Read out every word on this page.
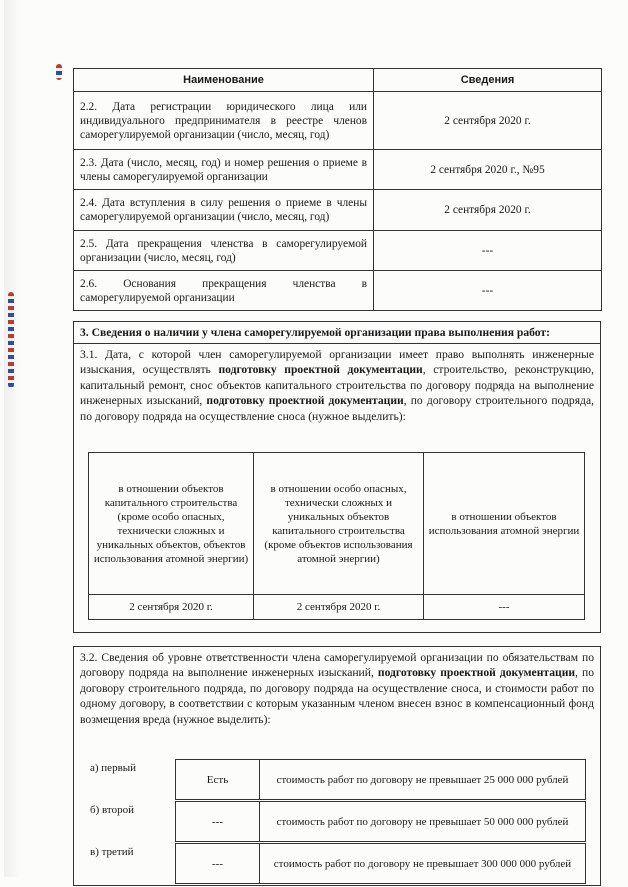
Наименование	Сведения
2.2. Дата регистрации юридического лица или индивидуального предпринимателя в реестре членов саморегулируемой организации (число, месяц, год)	2 сентября 2020 г.
2.3. Дата (число, месяц, год) и номер решения о приеме в члены саморегулируемой организации	2 сентября 2020 г., №95
2.4. Дата вступления в силу решения о приеме в члены саморегулируемой организации (число, месяц, год)	2 сентября 2020 г.
2.5. Дата прекращения членства в саморегулируемой организации (число, месяц, год)	---
2.6. Основания прекращения членства в саморегулируемой организации	---
3. Сведения о наличии у члена саморегулируемой организации права выполнения работ:

3.1. Дата, с которой член саморегулируемой организации имеет право выполнять инженерные изыскания, осуществлять подготовку проектной документации, строительство, реконструкцию, капитальный ремонт, снос объектов капитального строительства по договору подряда на выполнение инженерных изысканий, подготовку проектной документации, по договору строительного подряда, по договору подряда на осуществление сноса (нужное выделить):

в отношении объектов капитального строительства (кроме особо опасных, технически сложных и уникальных объектов, объектов использования атомной энергии)	в отношении особо опасных, технически сложных и уникальных объектов капитального строительства (кроме объектов использования атомной энергии)	в отношении объектов использования атомной энергии
2 сентября 2020 г.	2 сентября 2020 г.	---

3.2. Сведения об уровне ответственности члена саморегулируемой организации по обязательствам по договору подряда на выполнение инженерных изысканий, подготовку проектной документации, по договору строительного подряда, по договору подряда на осуществление сноса, и стоимости работ по одному договору, в соответствии с которым указанным членом внесен взнос в компенсационный фонд возмещения вреда (нужное выделить):

а) первый
Есть	стоимость работ по договору не превышает 25 000 000 рублей
б) второй
---	стоимость работ по договору не превышает 50 000 000 рублей
в) третий
---	стоимость работ по договору не превышает 300 000 000 рублей
